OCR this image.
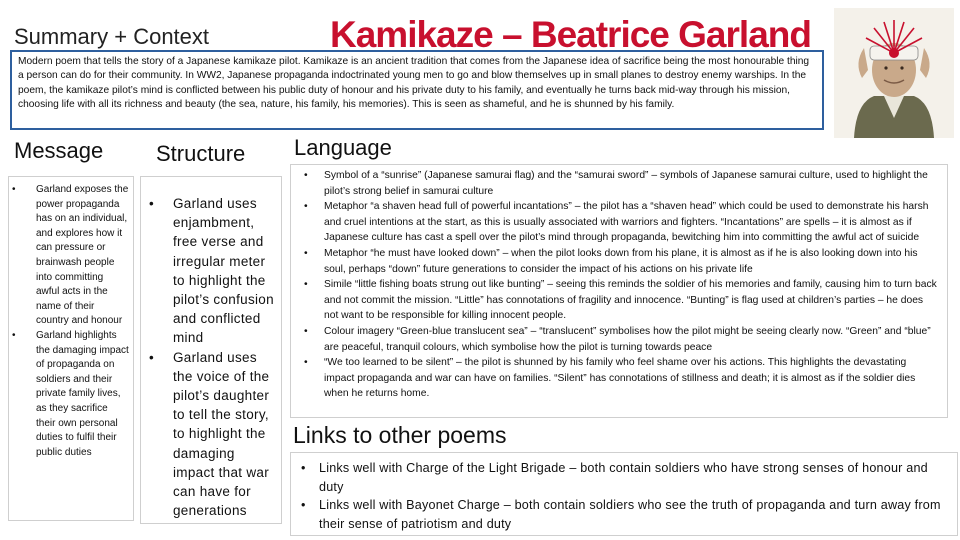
Summary + Context	Kamikaze – Beatrice Garland
Modern poem that tells the story of a Japanese kamikaze pilot. Kamikaze is an ancient tradition that comes from the Japanese idea of sacrifice being the most honourable thing a person can do for their community. In WW2, Japanese propaganda indoctrinated young men to go and blow themselves up in small planes to destroy enemy warships. In the poem, the kamikaze pilot’s mind is conflicted between his public duty of honour and his private duty to his family, and eventually he turns back mid-way through his mission, choosing life with all its richness and beauty (the sea, nature, his family, his memories). This is seen as shameful, and he is shunned by his family.
Message Structure Language
• Garland exposes the power propaganda has on an individual, and explores how it can pressure or brainwash people into committing awful acts in the name of their country and honour
• Garland highlights the damaging impact of propaganda on soldiers and their private family lives, as they sacrifice their own personal duties to fulfil their public duties
• Garland uses enjambment, free verse and irregular meter to highlight the pilot’s confusion and conflicted mind
• Garland uses the voice of the pilot’s daughter to tell the story, to highlight the damaging impact that war can have for generations
• Symbol of a “sunrise” (Japanese samurai flag) and the “samurai sword” – symbols of Japanese samurai culture, used to highlight the pilot’s strong belief in samurai culture
• Metaphor “a shaven head full of powerful incantations” – the pilot has a “shaven head” which could be used to demonstrate his harsh and cruel intentions at the start, as this is usually associated with warriors and fighters. “Incantations” are spells – it is almost as if Japanese culture has cast a spell over the pilot’s mind through propaganda, bewitching him into committing the awful act of suicide
• Metaphor “he must have looked down” – when the pilot looks down from his plane, it is almost as if he is also looking down into his soul, perhaps “down” future generations to consider the impact of his actions on his private life
• Simile “little fishing boats strung out like bunting” – seeing this reminds the soldier of his memories and family, causing him to turn back and not commit the mission. “Little” has connotations of fragility and innocence. “Bunting” is flag used at children’s parties – he does not want to be responsible for killing innocent people.
• Colour imagery “Green-blue translucent sea” – “translucent” symbolises how the pilot might be seeing clearly now. “Green” and “blue” are peaceful, tranquil colours, which symbolise how the pilot is turning towards peace
• “We too learned to be silent” – the pilot is shunned by his family who feel shame over his actions. This highlights the devastating impact propaganda and war can have on families. “Silent” has connotations of stillness and death; it is almost as if the soldier dies when he returns home.
Links to other poems
• Links well with Charge of the Light Brigade – both contain soldiers who have strong senses of honour and duty
• Links well with Bayonet Charge – both contain soldiers who see the truth of propaganda and turn away from their sense of patriotism and duty
